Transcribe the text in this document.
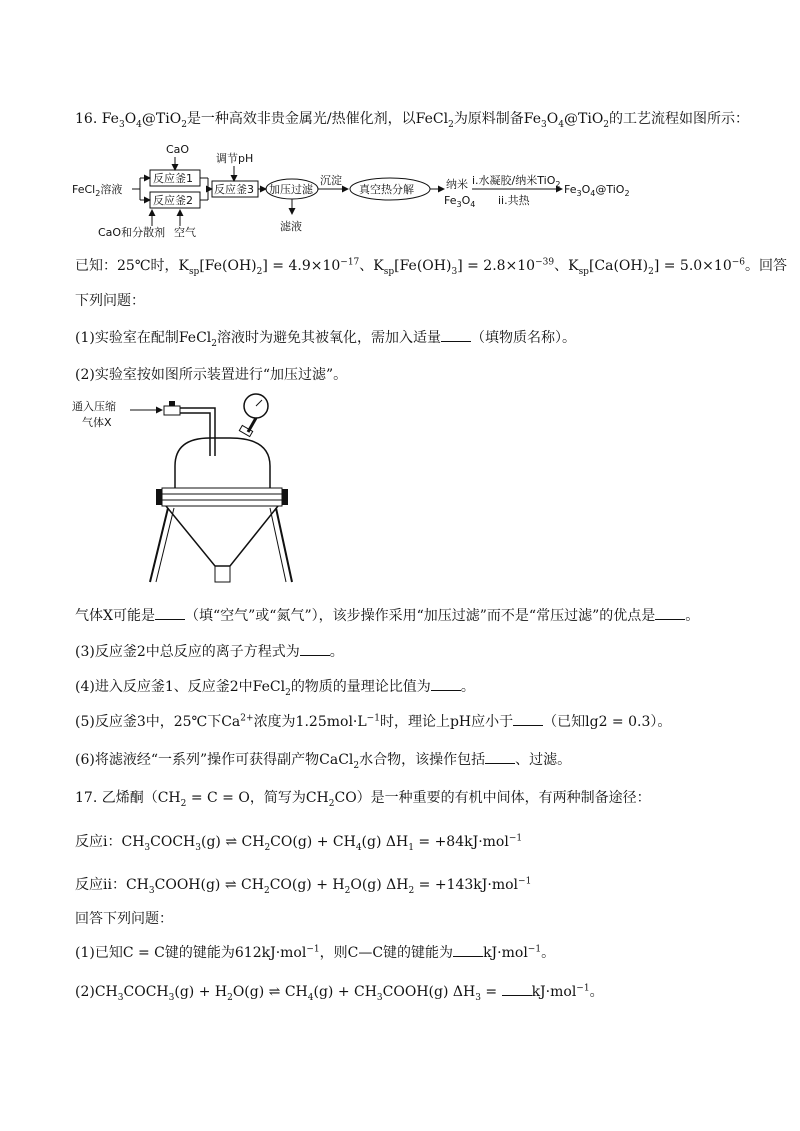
16. $Fe_3O_4@TiO_2$是一种高效非贵金属光/热催化剂，以FeCl$_2$为原料制备$Fe_3O_4@TiO_2$的工艺流程如图所示：
CaO
调节pH
FeCl$_2$溶液
反应釜1
反应釜2
反应釜3 加压过滤
滤液
沉淀
真空热分解	纳米
$Fe_3O_4$
i.水凝胶/纳米TiO$_2$
ii.共热
$Fe_3O_4@TiO_2$
CaO和分散剂 空气
已知：25℃时，$K_{sp}[Fe(OH)_2] = 4.9\times 10^{-17}$、$K_{sp}[Fe(OH)_3] = 2.8\times 10^{-39}$、$K_{sp}[Ca(OH)_2] = 5.0\times 10^{-6}$。回答
下列问题：
(1)实验室在配制FeCl$_2$溶液时为避免其被氧化，需加入适量 （填物质名称）。
(2)实验室按如图所示装置进行“加压过滤”。
通入压缩
气体X
气体X可能是 （填“空气”或“氮气”），该步操作采用“加压过滤”而不是“常压过滤”的优点是 。
(3)反应釜2中总反应的离子方程式为 。
(4)进入反应釜1、反应釜2中FeCl$_2$的物质的量理论比值为 。
(5)反应釜3中，25℃下$Ca^{2+}$浓度为$1.25mol\cdot L^{-1}$时，理论上pH应小于 （已知lg2 = 0.3）。
(6)将滤液经“一系列”操作可获得副产物CaCl$_2$水合物，该操作包括 、过滤。
17. 乙烯酮（$CH_2 = C = O$，简写为$CH_2CO$）是一种重要的有机中间体，有两种制备途径：
反应i：$CH_3COCH_3(g)$ ⇌ $CH_2CO(g) + CH_4(g) \Delta H_1 = +84kJ\cdot mol^{-1}$
反应ii：$CH_3COOH(g)$ ⇌ $CH_2CO(g) + H_2O(g) \Delta H_2 = +143kJ\cdot mol^{-1}$
回答下列问题：
(1)已知C = C键的键能为612kJ·mol$^{-1}$，则C—C键的键能为 kJ·mol$^{-1}$。
$(2)CH_3COCH_3(g) + H_2O(g)$ ⇌ $CH_4(g)$ + $CH_3COOH(g) \Delta H_3 = kJ\cdot mol^{-1}$。
